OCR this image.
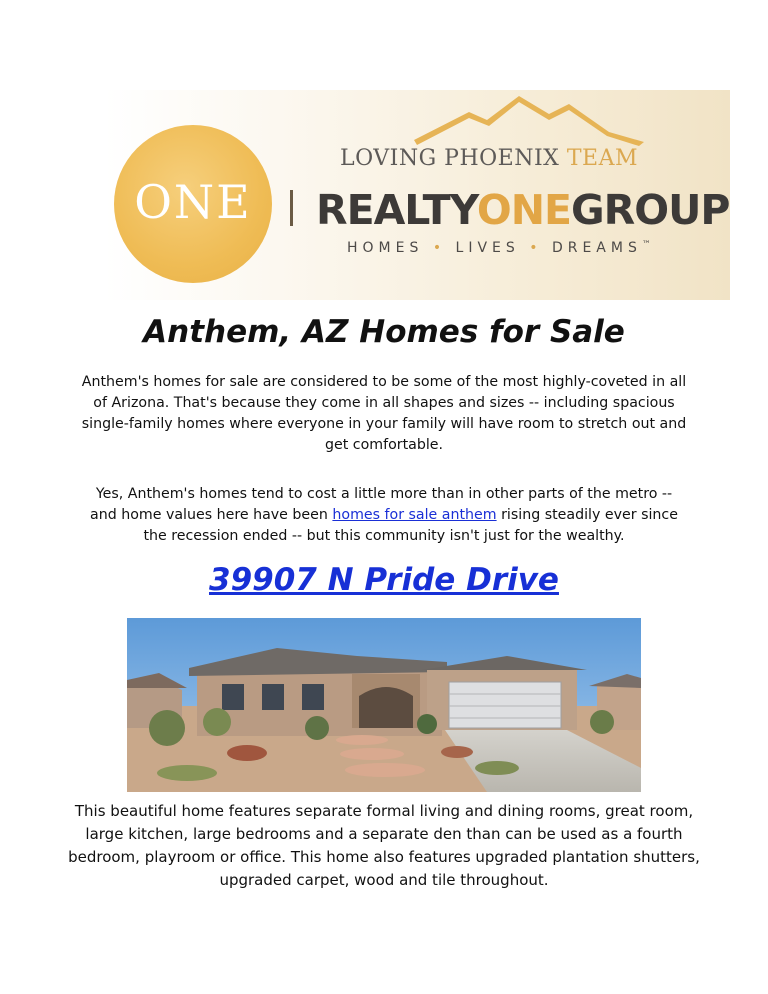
ONE
LOVING PHOENIX TEAM
REALTYONEGROUP
HOMES • LIVES • DREAMS™
Anthem, AZ Homes for Sale
Anthem's homes for sale are considered to be some of the most highly-coveted in all of Arizona. That's because they come in all shapes and sizes -- including spacious single-family homes where everyone in your family will have room to stretch out and get comfortable.
Yes, Anthem's homes tend to cost a little more than in other parts of the metro -- and home values here have been homes for sale anthem rising steadily ever since the recession ended -- but this community isn't just for the wealthy.
39907 N Pride Drive
This beautiful home features separate formal living and dining rooms, great room, large kitchen, large bedrooms and a separate den than can be used as a fourth bedroom, playroom or office. This home also features upgraded plantation shutters, upgraded carpet, wood and tile throughout.
